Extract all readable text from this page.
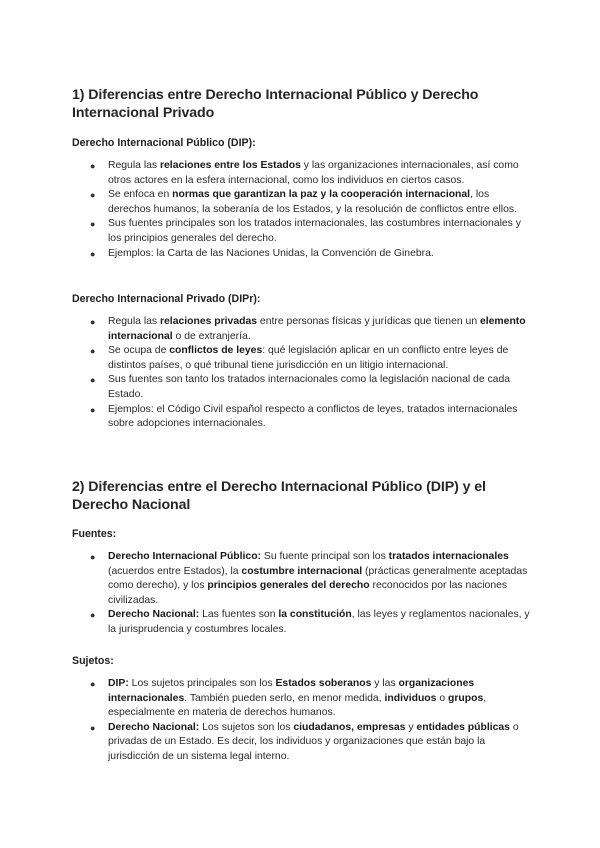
1) Diferencias entre Derecho Internacional Público y Derecho Internacional Privado

Derecho Internacional Público (DIP):

● Regula las relaciones entre los Estados y las organizaciones internacionales, así como otros actores en la esfera internacional, como los individuos en ciertos casos.
● Se enfoca en normas que garantizan la paz y la cooperación internacional, los derechos humanos, la soberanía de los Estados, y la resolución de conflictos entre ellos.
● Sus fuentes principales son los tratados internacionales, las costumbres internacionales y los principios generales del derecho.
● Ejemplos: la Carta de las Naciones Unidas, la Convención de Ginebra.

Derecho Internacional Privado (DIPr):

● Regula las relaciones privadas entre personas físicas y jurídicas que tienen un elemento internacional o de extranjería.
● Se ocupa de conflictos de leyes: qué legislación aplicar en un conflicto entre leyes de distintos países, o qué tribunal tiene jurisdicción en un litigio internacional.
● Sus fuentes son tanto los tratados internacionales como la legislación nacional de cada Estado.
● Ejemplos: el Código Civil español respecto a conflictos de leyes, tratados internacionales sobre adopciones internacionales.
2) Diferencias entre el Derecho Internacional Público (DIP) y el Derecho Nacional

Fuentes:

● Derecho Internacional Público: Su fuente principal son los tratados internacionales (acuerdos entre Estados), la costumbre internacional (prácticas generalmente aceptadas como derecho), y los principios generales del derecho reconocidos por las naciones civilizadas.
● Derecho Nacional: Las fuentes son la constitución, las leyes y reglamentos nacionales, y la jurisprudencia y costumbres locales.

Sujetos:

● DIP: Los sujetos principales son los Estados soberanos y las organizaciones internacionales. También pueden serlo, en menor medida, individuos o grupos, especialmente en materia de derechos humanos.
● Derecho Nacional: Los sujetos son los ciudadanos, empresas y entidades públicas o privadas de un Estado. Es decir, los individuos y organizaciones que están bajo la jurisdicción de un sistema legal interno.
